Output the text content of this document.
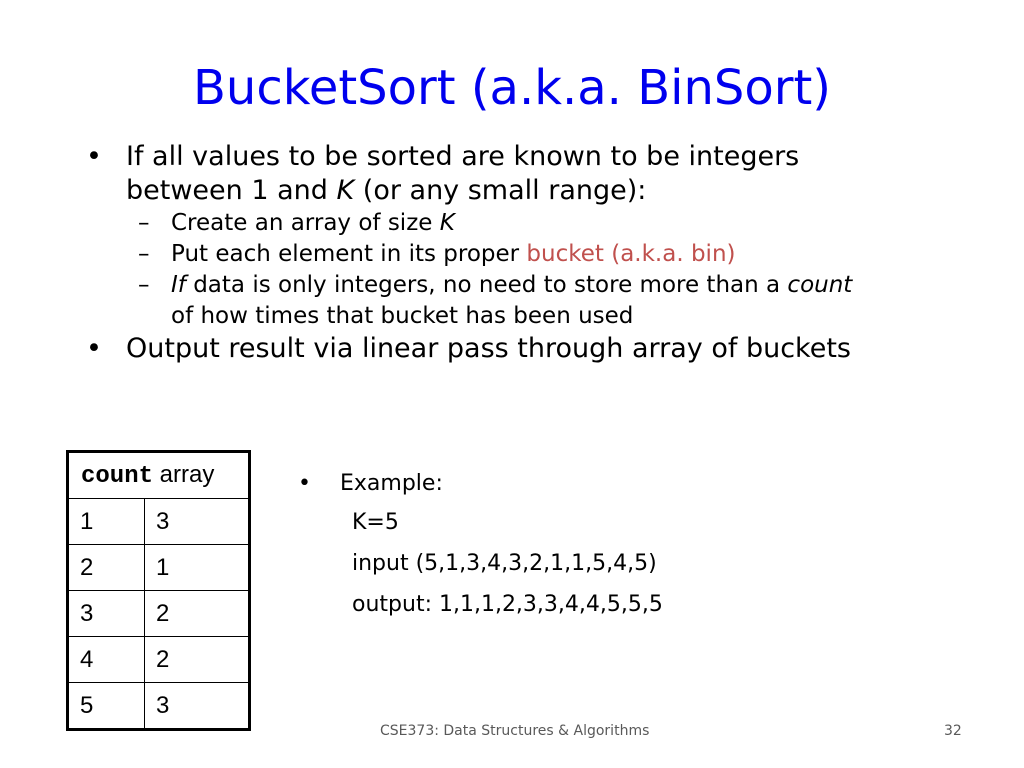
BucketSort (a.k.a. BinSort)
• If all values to be sorted are known to be integers
between 1 and K (or any small range):
– Create an array of size K
– Put each element in its proper bucket (a.k.a. bin)
– If data is only integers, no need to store more than a count
of how times that bucket has been used
• Output result via linear pass through array of buckets
count array	
1	3
2	1
3	2
4	2
5	3
•	Example:
K=5
input (5,1,3,4,3,2,1,1,5,4,5)
output: 1,1,1,2,3,3,4,4,5,5,5
CSE373: Data Structures & Algorithms	32
